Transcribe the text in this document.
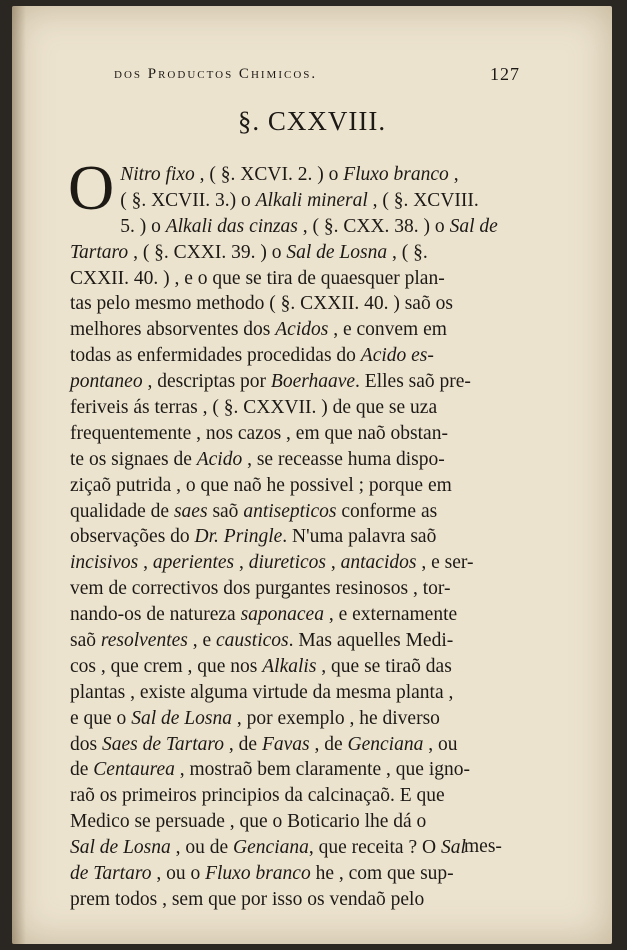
dos Productos Chimicos.	127
§. CXXVIII.
O Nitro fixo , ( §. XCVI. 2. ) o Fluxo branco ,
( §. XCVII. 3.) o Alkali mineral , ( §. XCVIII.
5. ) o Alkali das cinzas , ( §. CXX. 38. ) o Sal de
Tartaro , ( §. CXXI. 39. ) o Sal de Losna , ( §.
CXXII. 40. ) , e o que se tira de quaesquer plan-
tas pelo mesmo methodo ( §. CXXII. 40. ) saõ os
melhores absorventes dos Acidos , e convem em
todas as enfermidades procedidas do Acido es-
pontaneo , descriptas por Boerhaave. Elles saõ pre-
feriveis ás terras , ( §. CXXVII. ) de que se uza
frequentemente , nos cazos , em que naõ obstan-
te os signaes de Acido , se receasse huma dispo-
ziçaõ putrida , o que naõ he possivel ; porque em
qualidade de saes saõ antisepticos conforme as
observações do Dr. Pringle. N'uma palavra saõ
incisivos , aperientes , diureticos , antacidos , e ser-
vem de correctivos dos purgantes resinosos , tor-
nando-os de natureza saponacea , e externamente
saõ resolventes , e causticos. Mas aquelles Medi-
cos , que crem , que nos Alkalis , que se tiraõ das
plantas , existe alguma virtude da mesma planta ,
e que o Sal de Losna , por exemplo , he diverso
dos Saes de Tartaro , de Favas , de Genciana , ou
de Centaurea , mostraõ bem claramente , que igno-
raõ os primeiros principios da calcinaçaõ. E que
Medico se persuade , que o Boticario lhe dá o
Sal de Losna , ou de Genciana, que receita ? O Sal
de Tartaro , ou o Fluxo branco he , com que sup-
prem todos , sem que por isso os vendaõ pelo
mes-
